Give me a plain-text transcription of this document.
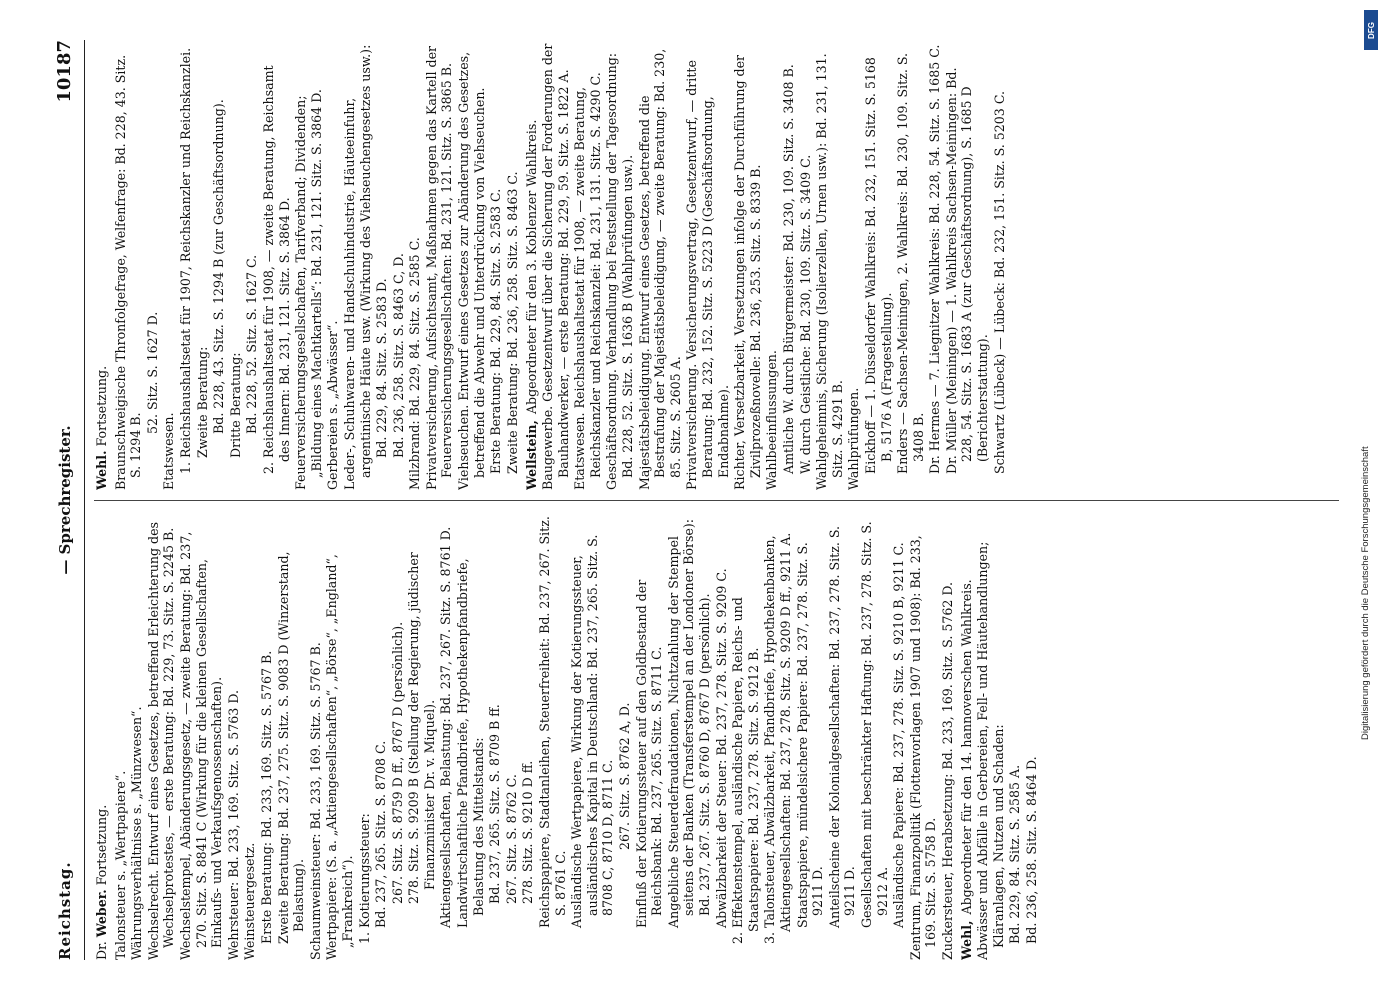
Reichstag.
— Sprechregister.
10187
Dr. Weber. Fortsetzung. Talonsteuer s. „Wertpapiere“. Währungsverhältnisse s. „Münzwesen“. Wechselrecht. Entwurf eines Gesetzes, betreffend Erleichterung des Wechselprotestes, — erste Beratung: Bd. 229, 73. Sitz. S. 2245 B. Wechselstempel, Abänderungsgesetz, — zweite Beratung: Bd. 237, 270. Sitz. S. 8841 C (Wirkung für die kleinen Gesellschaften, Einkaufs- und Verkaufsgenossenschaften). Wehrsteuer: Bd. 233, 169. Sitz. S. 5763 D. Weinsteuergesetz. Erste Beratung: Bd. 233, 169. Sitz. S. 5767 B. Zweite Beratung: Bd. 237, 275. Sitz. S. 9083 D (Winzerstand, Belastung). Schaumweinsteuer: Bd. 233, 169. Sitz. S. 5767 B. Wertpapiere: (S. a. „Aktiengesellschaften“, „Börse“, „England“, „Frankreich“). 1. Kotierungssteuer: Bd. 237, 265. Sitz. S. 8708 C. 267. Sitz. S. 8759 D ff., 8767 D (persönlich). 278. Sitz. S. 9209 B (Stellung der Regierung, jüdischer Finanzminister Dr. v. Miquel). Aktiengesellschaften, Belastung: Bd. 237, 267. Sitz. S. 8761 D. Landwirtschaftliche Pfandbriefe, Hypothekenpfandbriefe, Belastung des Mittelstands: Bd. 237, 265. Sitz. S. 8709 B ff. 267. Sitz. S. 8762 C. 278. Sitz. S. 9210 D ff. Reichspapiere, Stadtanleihen, Steuerfreiheit: Bd. 237, 267. Sitz. S. 8761 C. Ausländische Wertpapiere, Wirkung der Kotierungssteuer, ausländisches Kapital in Deutschland: Bd. 237, 265. Sitz. S. 8708 C, 8710 D, 8711 C. 267. Sitz. S. 8762 A, D. Einfluß der Kotierungssteuer auf den Goldbestand der Reichsbank: Bd. 237, 265. Sitz. S. 8711 C. Angebliche Steuerdefraudationen, Nichtzahlung der Stempel seitens der Banken (Transferstempel an der Londoner Börse): Bd. 237, 267. Sitz. S. 8760 D, 8767 D (persönlich). Abwälzbarkeit der Steuer: Bd. 237, 278. Sitz. S. 9209 C. 2. Effektenstempel, ausländische Papiere, Reichs- und Staatspapiere: Bd. 237, 278. Sitz. S. 9212 B. 3. Talonsteuer, Abwälzbarkeit, Pfandbriefe, Hypothekenbanken, Aktiengesellschaften: Bd. 237, 278. Sitz. S. 9209 D ff., 9211 A. Staatspapiere, mündelsichere Papiere: Bd. 237, 278. Sitz. S. 9211 D. Anteilscheine der Kolonialgesellschaften: Bd. 237, 278. Sitz. S. 9211 D. Gesellschaften mit beschränkter Haftung: Bd. 237, 278. Sitz. S. 9212 A. Ausländische Papiere: Bd. 237, 278. Sitz. S. 9210 B, 9211 C. Zentrum, Finanzpolitik (Flottenvorlagen 1907 und 1908): Bd. 233, 169. Sitz. S. 5758 D. Zuckersteuer, Herabsetzung: Bd. 233, 169. Sitz. S. 5762 D. Wehl,Abgeordneter für den 14. hannoverschen Wahlkreis. Abwässer und Abfälle in Gerbereien, Fell- und Häutehandlungen; Kläranlagen, Nutzen und Schaden: Bd. 229, 84. Sitz. S. 2585 A. Bd. 236, 258. Sitz. S. 8464 D.
Wehl. Fortsetzung. Braunschweigische Thronfolgefrage, Welfenfrage: Bd. 228, 43. Sitz. S. 1294 B.
52. Sitz. S. 1627 D.
Etatswesen. 1. Reichshaushaltsetat für 1907, Reichskanzler und Reichskanzlei. Zweite Beratung: Bd. 228, 43. Sitz. S. 1294 B (zur Geschäftsordnung). Dritte Beratung: Bd. 228, 52. Sitz. S. 1627 C. 2. Reichshaushaltsetat für 1908, — zweite Beratung, Reichsamt des Innern: Bd. 231, 121. Sitz. S. 3864 D. Feuerversicherungsgesellschaften, Tarifverband; Dividenden; „Bildung eines Machtkartells“: Bd. 231, 121. Sitz. S. 3864 D. Gerbereien s. „Abwässer“. Leder-, Schuhwaren- und Handschuhindustrie, Häuteeinfuhr, argentinische Häute usw. (Wirkung des Viehseuchengesetzes usw.): Bd. 229, 84. Sitz. S. 2583 D. Bd. 236, 258. Sitz. S. 8463 C, D. Milzbrand: Bd. 229, 84. Sitz. S. 2585 C. Privatversicherung, Aufsichtsamt, Maßnahmen gegen das Kartell der Feuerversicherungsgesellschaften: Bd. 231, 121. Sitz. S. 3865 B. Viehseuchen. Entwurf eines Gesetzes zur Abänderung des Gesetzes, betreffend die Abwehr und Unterdrückung von Viehseuchen. Erste Beratung: Bd. 229, 84. Sitz. S. 2583 C. Zweite Beratung: Bd. 236, 258. Sitz. S. 8463 C. Wellstein,Abgeordneter für den 3. Koblenzer Wahlkreis. Baugewerbe. Gesetzentwurf über die Sicherung der Forderungen der Bauhandwerker, — erste Beratung: Bd. 229, 59. Sitz. S. 1822 A. Etatswesen. Reichshaushaltsetat für 1908, — zweite Beratung, Reichskanzler und Reichskanzlei: Bd. 231, 131. Sitz. S. 4290 C. Geschäftsordnung. Verhandlung bei Feststellung der Tagesordnung: Bd. 228, 52. Sitz. S. 1636 B (Wahlprüfungen usw.). Majestätsbeleidigung. Entwurf eines Gesetzes, betreffend die Bestrafung der Majestätsbeleidigung, — zweite Beratung: Bd. 230, 85. Sitz. S. 2605 A. Privatversicherung. Versicherungsvertrag, Gesetzentwurf, — dritte Beratung: Bd. 232, 152. Sitz. S. 5223 D (Geschäftsordnung, Endabnahme). Richter, Versetzbarkeit, Versetzungen infolge der Durchführung der Zivilprozeßnovelle: Bd. 236, 253. Sitz. S. 8339 B. Wahlbeeinflussungen. Amtliche W. durch Bürgermeister: Bd. 230, 109. Sitz. S. 3408 B. W. durch Geistliche: Bd. 230, 109. Sitz. S. 3409 C. Wahlgeheimnis, Sicherung (Isolierzellen, Urnen usw.): Bd. 231, 131. Sitz. S. 4291 B. Wahlprüfungen. Eickhoff — 1. Düsseldorfer Wahlkreis: Bd. 232, 151. Sitz. S. 5168 B, 5176 A (Fragestellung). Enders — Sachsen-Meiningen, 2. Wahlkreis: Bd. 230, 109. Sitz. S. 3408 B. Dr. Hermes — 7. Liegnitzer Wahlkreis: Bd. 228, 54. Sitz. S. 1685 C. Dr. Müller (Meiningen) — 1. Wahlkreis Sachsen-Meiningen: Bd. 228, 54. Sitz. S. 1683 A (zur Geschäftsordnung), S. 1685 D (Berichterstattung). Schwartz (Lübeck) — Lübeck: Bd. 232, 151. Sitz. S. 5203 C.
Digitalisierung gefördert durch die Deutsche Forschungsgemeinschaft
DFG
